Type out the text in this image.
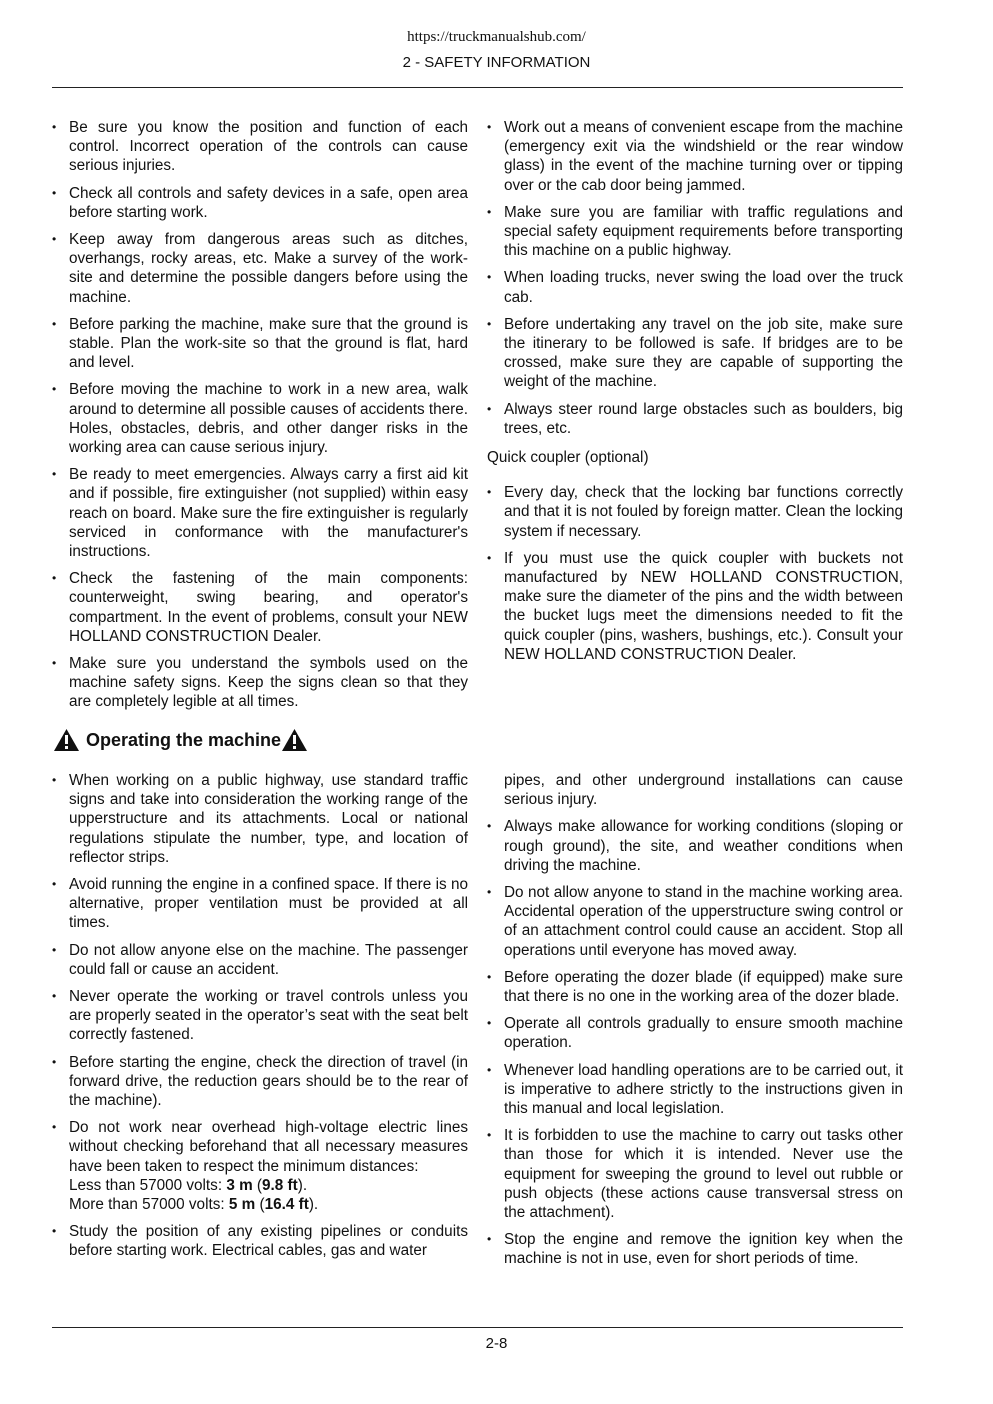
https://truckmanualshub.com/
2 - SAFETY INFORMATION
• Be sure you know the position and function of each control. Incorrect operation of the controls can cause serious injuries.
• Check all controls and safety devices in a safe, open area before starting work.
• Keep away from dangerous areas such as ditches, overhangs, rocky areas, etc. Make a survey of the work-site and determine the possible dangers before using the machine.
• Before parking the machine, make sure that the ground is stable. Plan the work-site so that the ground is flat, hard and level.
• Before moving the machine to work in a new area, walk around to determine all possible causes of accidents there. Holes, obstacles, debris, and other danger risks in the working area can cause serious injury.
• Be ready to meet emergencies. Always carry a first aid kit and if possible, fire extinguisher (not supplied) within easy reach on board. Make sure the fire extinguisher is regularly serviced in conformance with the manufacturer's instructions.
• Check the fastening of the main components: counterweight, swing bearing, and operator's compartment. In the event of problems, consult your NEW HOLLAND CONSTRUCTION Dealer.
• Make sure you understand the symbols used on the machine safety signs. Keep the signs clean so that they are completely legible at all times.
• Work out a means of convenient escape from the machine (emergency exit via the windshield or the rear window glass) in the event of the machine turning over or tipping over or the cab door being jammed.
• Make sure you are familiar with traffic regulations and special safety equipment requirements before transporting this machine on a public highway.
• When loading trucks, never swing the load over the truck cab.
• Before undertaking any travel on the job site, make sure the itinerary to be followed is safe. If bridges are to be crossed, make sure they are capable of supporting the weight of the machine.
• Always steer round large obstacles such as boulders, big trees, etc.
Quick coupler (optional)
• Every day, check that the locking bar functions correctly and that it is not fouled by foreign matter. Clean the locking system if necessary.
• If you must use the quick coupler with buckets not manufactured by NEW HOLLAND CONSTRUCTION, make sure the diameter of the pins and the width between the bucket lugs meet the dimensions needed to fit the quick coupler (pins, washers, bushings, etc.). Consult your NEW HOLLAND CONSTRUCTION Dealer.
Operating the machine
• When working on a public highway, use standard traffic signs and take into consideration the working range of the upperstructure and its attachments. Local or national regulations stipulate the number, type, and location of reflector strips.
• Avoid running the engine in a confined space. If there is no alternative, proper ventilation must be provided at all times.
• Do not allow anyone else on the machine. The passenger could fall or cause an accident.
• Never operate the working or travel controls unless you are properly seated in the operator’s seat with the seat belt correctly fastened.
• Before starting the engine, check the direction of travel (in forward drive, the reduction gears should be to the rear of the machine).
• Do not work near overhead high-voltage electric lines without checking beforehand that all necessary measures have been taken to respect the minimum distances:
Less than 57000 volts: 3 m (9.8 ft).
More than 57000 volts: 5 m (16.4 ft).
• Study the position of any existing pipelines or conduits before starting work. Electrical cables, gas and water
pipes, and other underground installations can cause serious injury.
• Always make allowance for working conditions (sloping or rough ground), the site, and weather conditions when driving the machine.
• Do not allow anyone to stand in the machine working area. Accidental operation of the upperstructure swing control or of an attachment control could cause an accident. Stop all operations until everyone has moved away.
• Before operating the dozer blade (if equipped) make sure that there is no one in the working area of the dozer blade.
• Operate all controls gradually to ensure smooth machine operation.
• Whenever load handling operations are to be carried out, it is imperative to adhere strictly to the instructions given in this manual and local legislation.
• It is forbidden to use the machine to carry out tasks other than those for which it is intended. Never use the equipment for sweeping the ground to level out rubble or push objects (these actions cause transversal stress on the attachment).
• Stop the engine and remove the ignition key when the machine is not in use, even for short periods of time.
2-8
